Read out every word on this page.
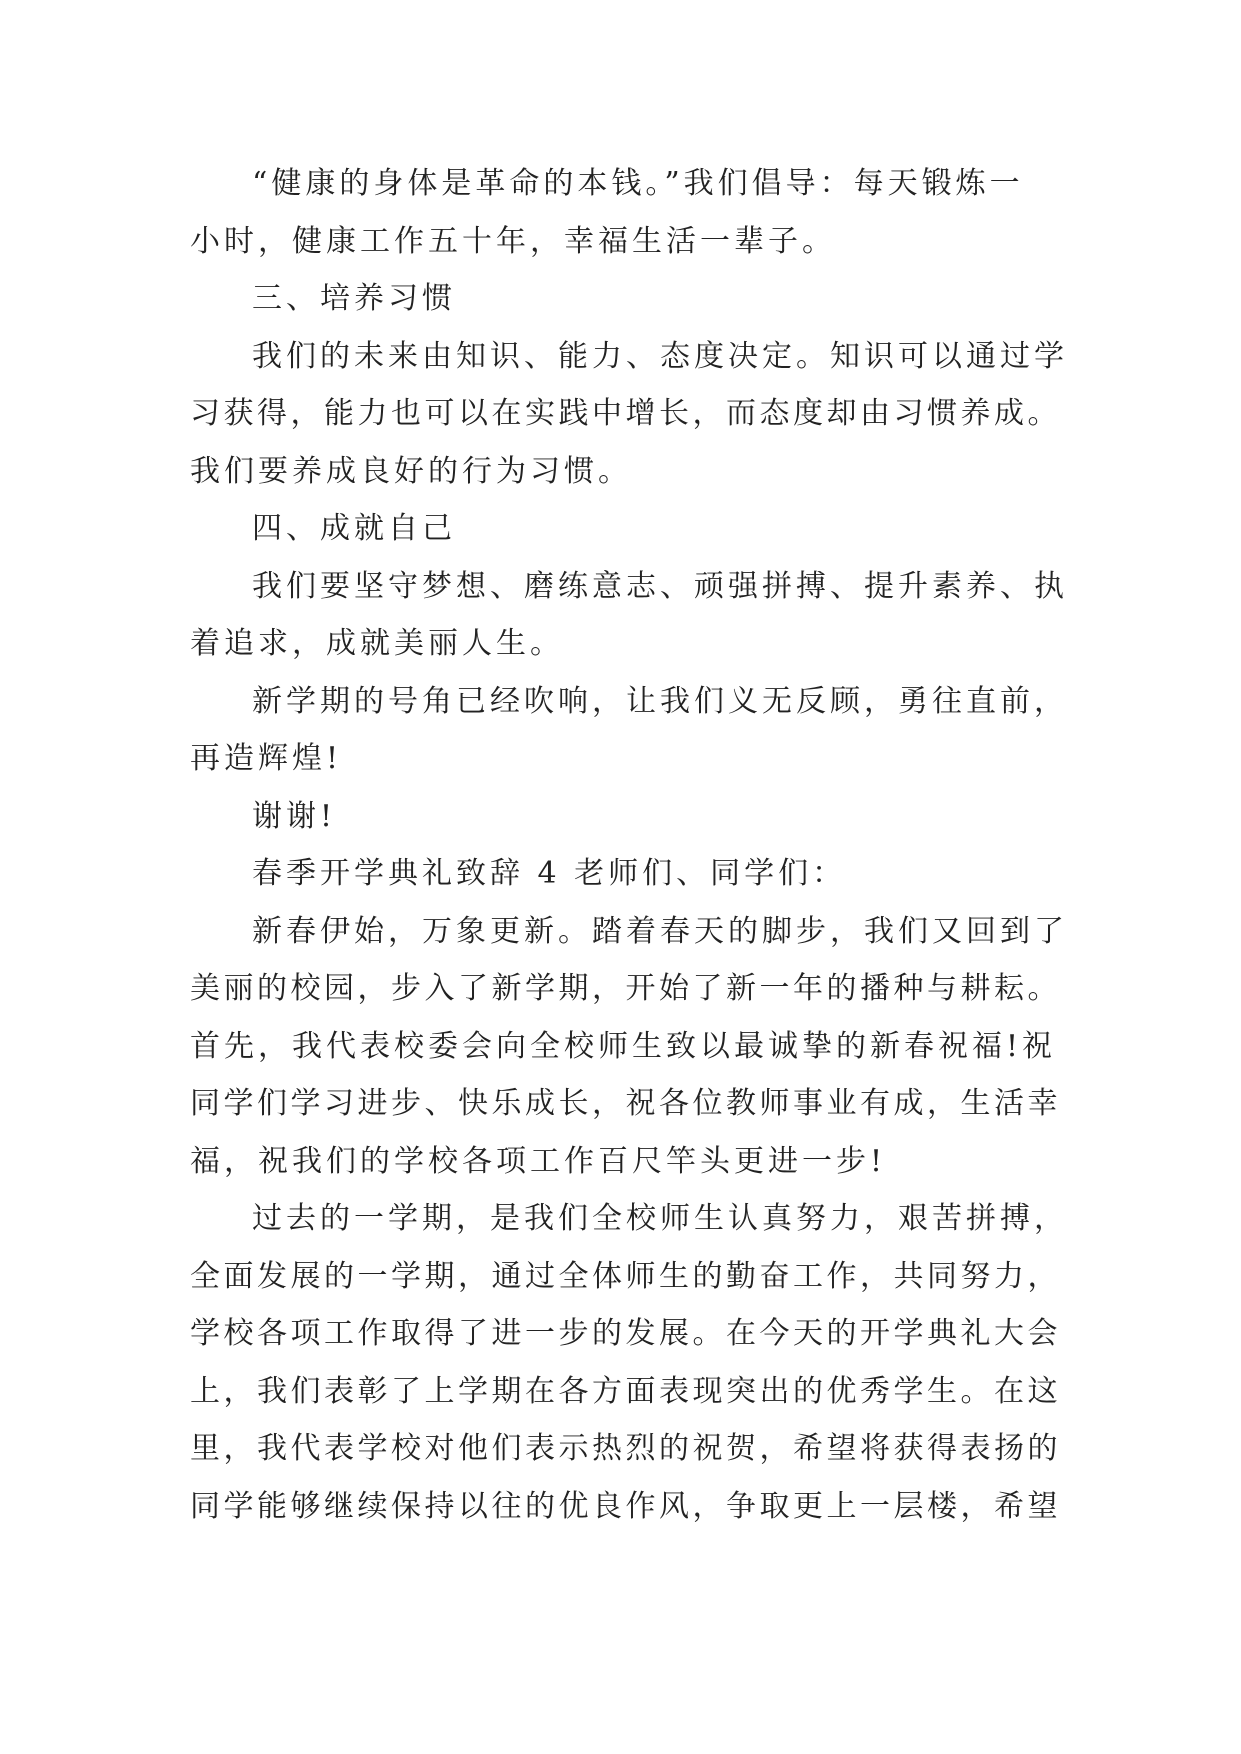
“健康的身体是革命的本钱。”我们倡导：每天锻炼一
小时，健康工作五十年，幸福生活一辈子。
三、培养习惯
我们的未来由知识、能力、态度决定。知识可以通过学
习获得，能力也可以在实践中增长，而态度却由习惯养成。
我们要养成良好的行为习惯。
四、成就自己
我们要坚守梦想、磨练意志、顽强拼搏、提升素养、执
着追求，成就美丽人生。
新学期的号角已经吹响，让我们义无反顾，勇往直前，
再造辉煌!
谢谢!
春季开学典礼致辞 4 老师们、同学们：
新春伊始，万象更新。踏着春天的脚步，我们又回到了
美丽的校园，步入了新学期，开始了新一年的播种与耕耘。
首先，我代表校委会向全校师生致以最诚挚的新春祝福!祝
同学们学习进步、快乐成长，祝各位教师事业有成，生活幸
福，祝我们的学校各项工作百尺竿头更进一步!
过去的一学期，是我们全校师生认真努力，艰苦拼搏，
全面发展的一学期，通过全体师生的勤奋工作，共同努力，
学校各项工作取得了进一步的发展。在今天的开学典礼大会
上，我们表彰了上学期在各方面表现突出的优秀学生。在这
里，我代表学校对他们表示热烈的祝贺，希望将获得表扬的
同学能够继续保持以往的优良作风，争取更上一层楼，希望
